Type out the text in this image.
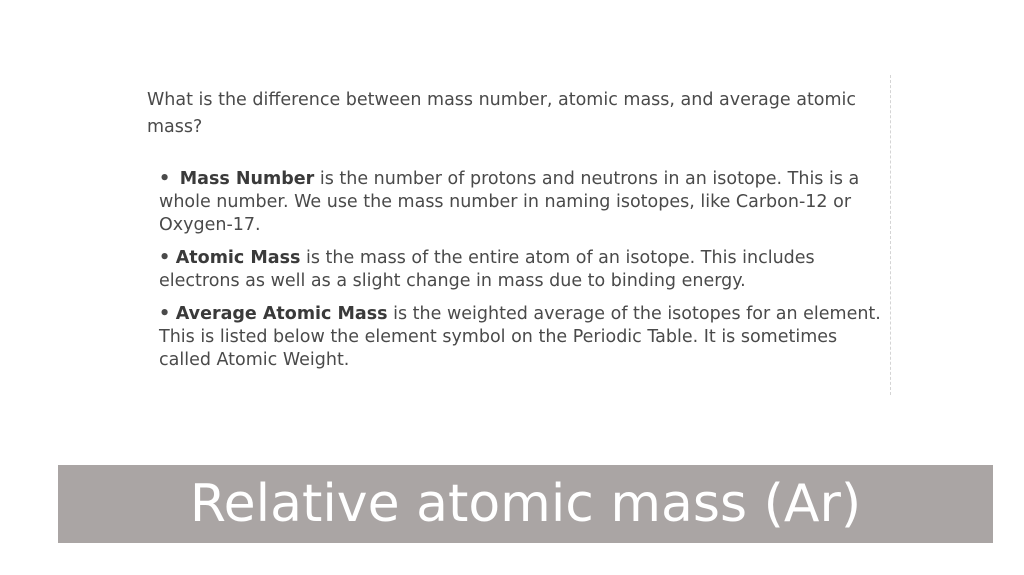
What is the difference between mass number, atomic mass, and average atomic mass?

• Mass Number is the number of protons and neutrons in an isotope. This is a whole number. We use the mass number in naming isotopes, like Carbon-12 or Oxygen-17.
• Atomic Mass is the mass of the entire atom of an isotope. This includes electrons as well as a slight change in mass due to binding energy.
• Average Atomic Mass is the weighted average of the isotopes for an element. This is listed below the element symbol on the Periodic Table. It is sometimes called Atomic Weight.
Relative atomic mass (Ar)
